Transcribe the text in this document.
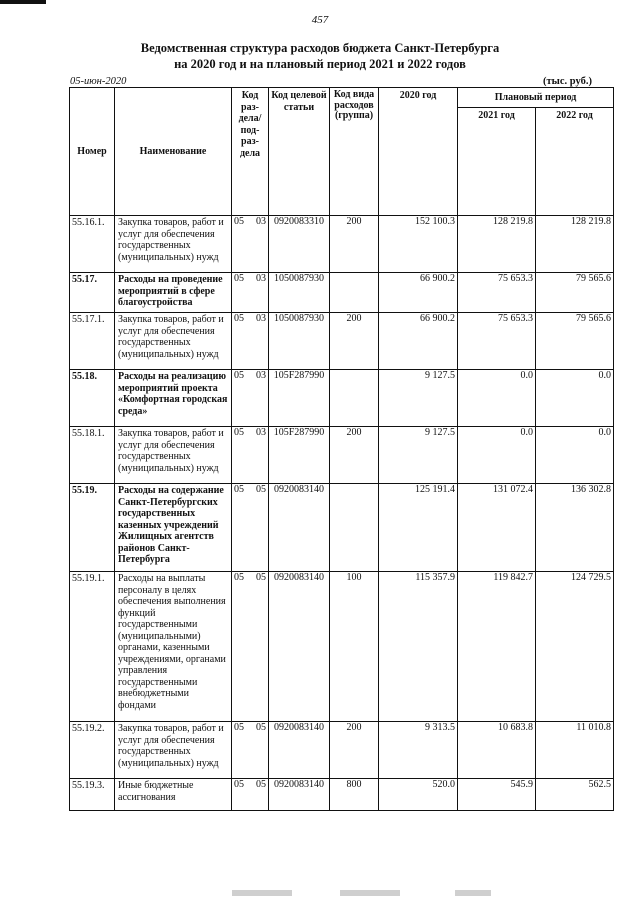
457
Ведомственная структура расходов бюджета Санкт-Петербурга
на 2020 год и на плановый период 2021 и 2022 годов
05-июн-2020	(тыс. руб.)
Номер	Наименование	Код раз-дела/ под-раз-дела		Код целевой статьи	Код вида расходов (группа)	2020 год	Плановый период	
							2021 год	2022 год
55.16.1.	Закупка товаров, работ и услуг для обеспечения государственных (муниципальных) нужд	05	03	0920083310	200	152 100.3	128 219.8	128 219.8
55.17.	Расходы на проведение мероприятий в сфере благоустройства	05	03	1050087930		66 900.2	75 653.3	79 565.6
55.17.1.	Закупка товаров, работ и услуг для обеспечения государственных (муниципальных) нужд	05	03	1050087930	200	66 900.2	75 653.3	79 565.6
55.18.	Расходы на реализацию мероприятий проекта «Комфортная городская среда»	05	03	105F287990		9 127.5	0.0	0.0
55.18.1.	Закупка товаров, работ и услуг для обеспечения государственных (муниципальных) нужд	05	03	105F287990	200	9 127.5	0.0	0.0
55.19.	Расходы на содержание Санкт-Петербургских государственных казенных учреждений Жилищных агентств районов Санкт-Петербурга	05	05	0920083140		125 191.4	131 072.4	136 302.8
55.19.1.	Расходы на выплаты персоналу в целях обеспечения выполнения функций государственными (муниципальными) органами, казенными учреждениями, органами управления государственными внебюджетными фондами	05	05	0920083140	100	115 357.9	119 842.7	124 729.5
55.19.2.	Закупка товаров, работ и услуг для обеспечения государственных (муниципальных) нужд	05	05	0920083140	200	9 313.5	10 683.8	11 010.8
55.19.3.	Иные бюджетные ассигнования	05	05	0920083140	800	520.0	545.9	562.5
